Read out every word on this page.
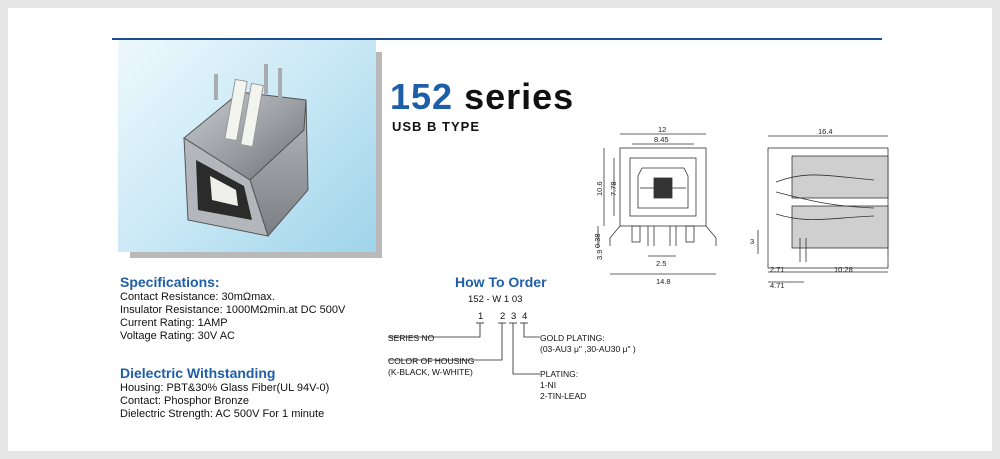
152 series
USB B TYPE
Specifications:
Contact Resistance: 30mΩmax.
Insulator Resistance: 1000MΩmin.at DC 500V
Current Rating: 1AMP
Voltage Rating: 30V AC
Dielectric Withstanding
Housing: PBT&30% Glass Fiber(UL 94V-0)
Contact: Phosphor Bronze
Dielectric Strength: AC 500V For 1 minute
How To Order
152 - W 1 03
1 2 3 4
SERIES NO
COLOR OF HOUSING
(K-BLACK, W-WHITE)
GOLD PLATING:
(03-AU3 μ" ,30-AU30 μ" )
PLATING:
1-NI
2-TIN-LEAD
12
8.45
10.6 7.78
0.38
3.9
2.5
14.8
16.4
3
2.71	10.28
4.71
